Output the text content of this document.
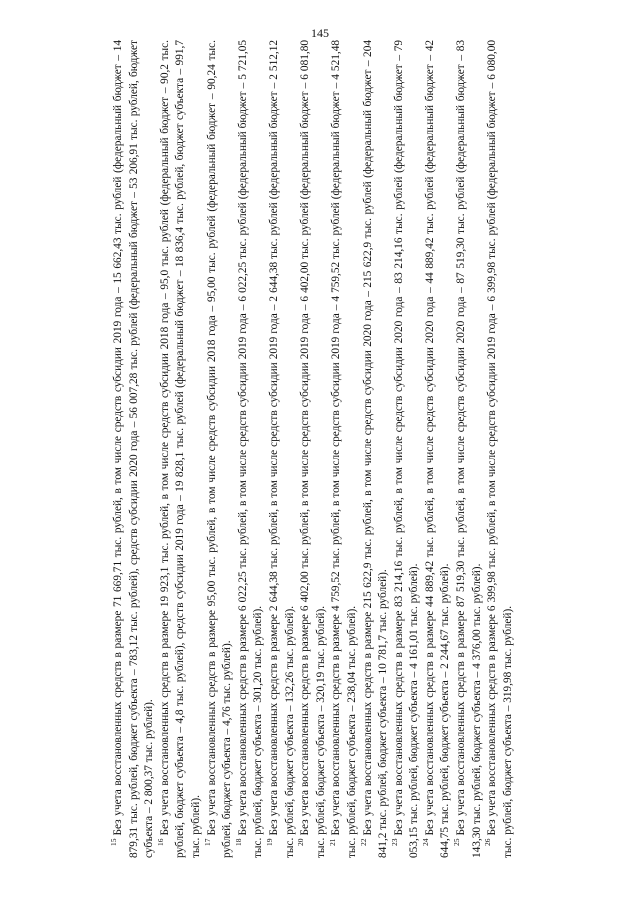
145

$^{15}$Без учета восстановленных средств в размере 71 669,71 тыс. рублей, в том числе средств субсидии 2019 года – 15 662,43 тыс. рублей (федеральный бюджет – 14 879,31 тыс. рублей, бюджет субъекта – 783,12 тыс. рублей), средств субсидии 2020 года – 56 007,28 тыс. рублей (федеральный бюджет – 53 206,91 тыс. рублей, бюджет субъекта – 2 800,37 тыс. рублей). $^{16}$Без учета восстановленных средств в размере 19 923,1 тыс. рублей, в том числе средств субсидии 2018 года – 95,0 тыс. рублей (федеральный бюджет – 90,2 тыс. рублей, бюджет субъекта – 4,8 тыс. рублей), средств субсидии 2019 года – 19 828,1 тыс. рублей (федеральный бюджет – 18 836,4 тыс. рублей, бюджет субъекта – 991,7 тыс. рублей). $^{17}$Без учета восстановленных средств в размере 95,00 тыс. рублей, в том числе средств субсидии 2018 года – 95,00 тыс. рублей (федеральный бюджет – 90,24 тыс. рублей, бюджет субъекта – 4,76 тыс. рублей). $^{18}$Без учета восстановленных средств в размере 6 022,25 тыс. рублей, в том числе средств субсидии 2019 года – 6 022,25 тыс. рублей (федеральный бюджет – 5 721,05 тыс. рублей, бюджет субъекта – 301,20 тыс. рублей). $^{19}$Без учета восстановленных средств в размере 2 644,38 тыс. рублей, в том числе средств субсидии 2019 года – 2 644,38 тыс. рублей (федеральный бюджет – 2 512,12 тыс. рублей, бюджет субъекта – 132,26 тыс. рублей). $^{20}$Без учета восстановленных средств в размере 6 402,00 тыс. рублей, в том числе средств субсидии 2019 года – 6 402,00 тыс. рублей (федеральный бюджет – 6 081,80 тыс. рублей, бюджет субъекта – 320,19 тыс. рублей). $^{21}$Без учета восстановленных средств в размере 4 759,52 тыс. рублей, в том числе средств субсидии 2019 года – 4 759,52 тыс. рублей (федеральный бюджет – 4 521,48 тыс. рублей, бюджет субъекта – 238,04 тыс. рублей). $^{22}$Без учета восстановленных средств в размере 215 622,9 тыс. рублей, в том числе средств субсидии 2020 года – 215 622,9 тыс. рублей (федеральный бюджет – 204 841,2 тыс. рублей, бюджет субъекта – 10 781,7 тыс. рублей). $^{23}$Без учета восстановленных средств в размере 83 214,16 тыс. рублей, в том числе средств субсидии 2020 года – 83 214,16 тыс. рублей (федеральный бюджет – 79 053,15 тыс. рублей, бюджет субъекта – 4 161,01 тыс. рублей). $^{24}$Без учета восстановленных средств в размере 44 889,42 тыс. рублей, в том числе средств субсидии 2020 года – 44 889,42 тыс. рублей (федеральный бюджет – 42 644,75 тыс. рублей, бюджет субъекта – 2 244,67 тыс. рублей). $^{25}$Без учета восстановленных средств в размере 87 519,30 тыс. рублей, в том числе средств субсидии 2020 года – 87 519,30 тыс. рублей (федеральный бюджет – 83 143,30 тыс. рублей, бюджет субъекта – 4 376,00 тыс. рублей). $^{26}$Без учета восстановленных средств в размере 6 399,98 тыс. рублей, в том числе средств субсидии 2019 года – 6 399,98 тыс. рублей (федеральный бюджет – 6 080,00 тыс. рублей, бюджет субъекта – 319,98 тыс. рублей).
